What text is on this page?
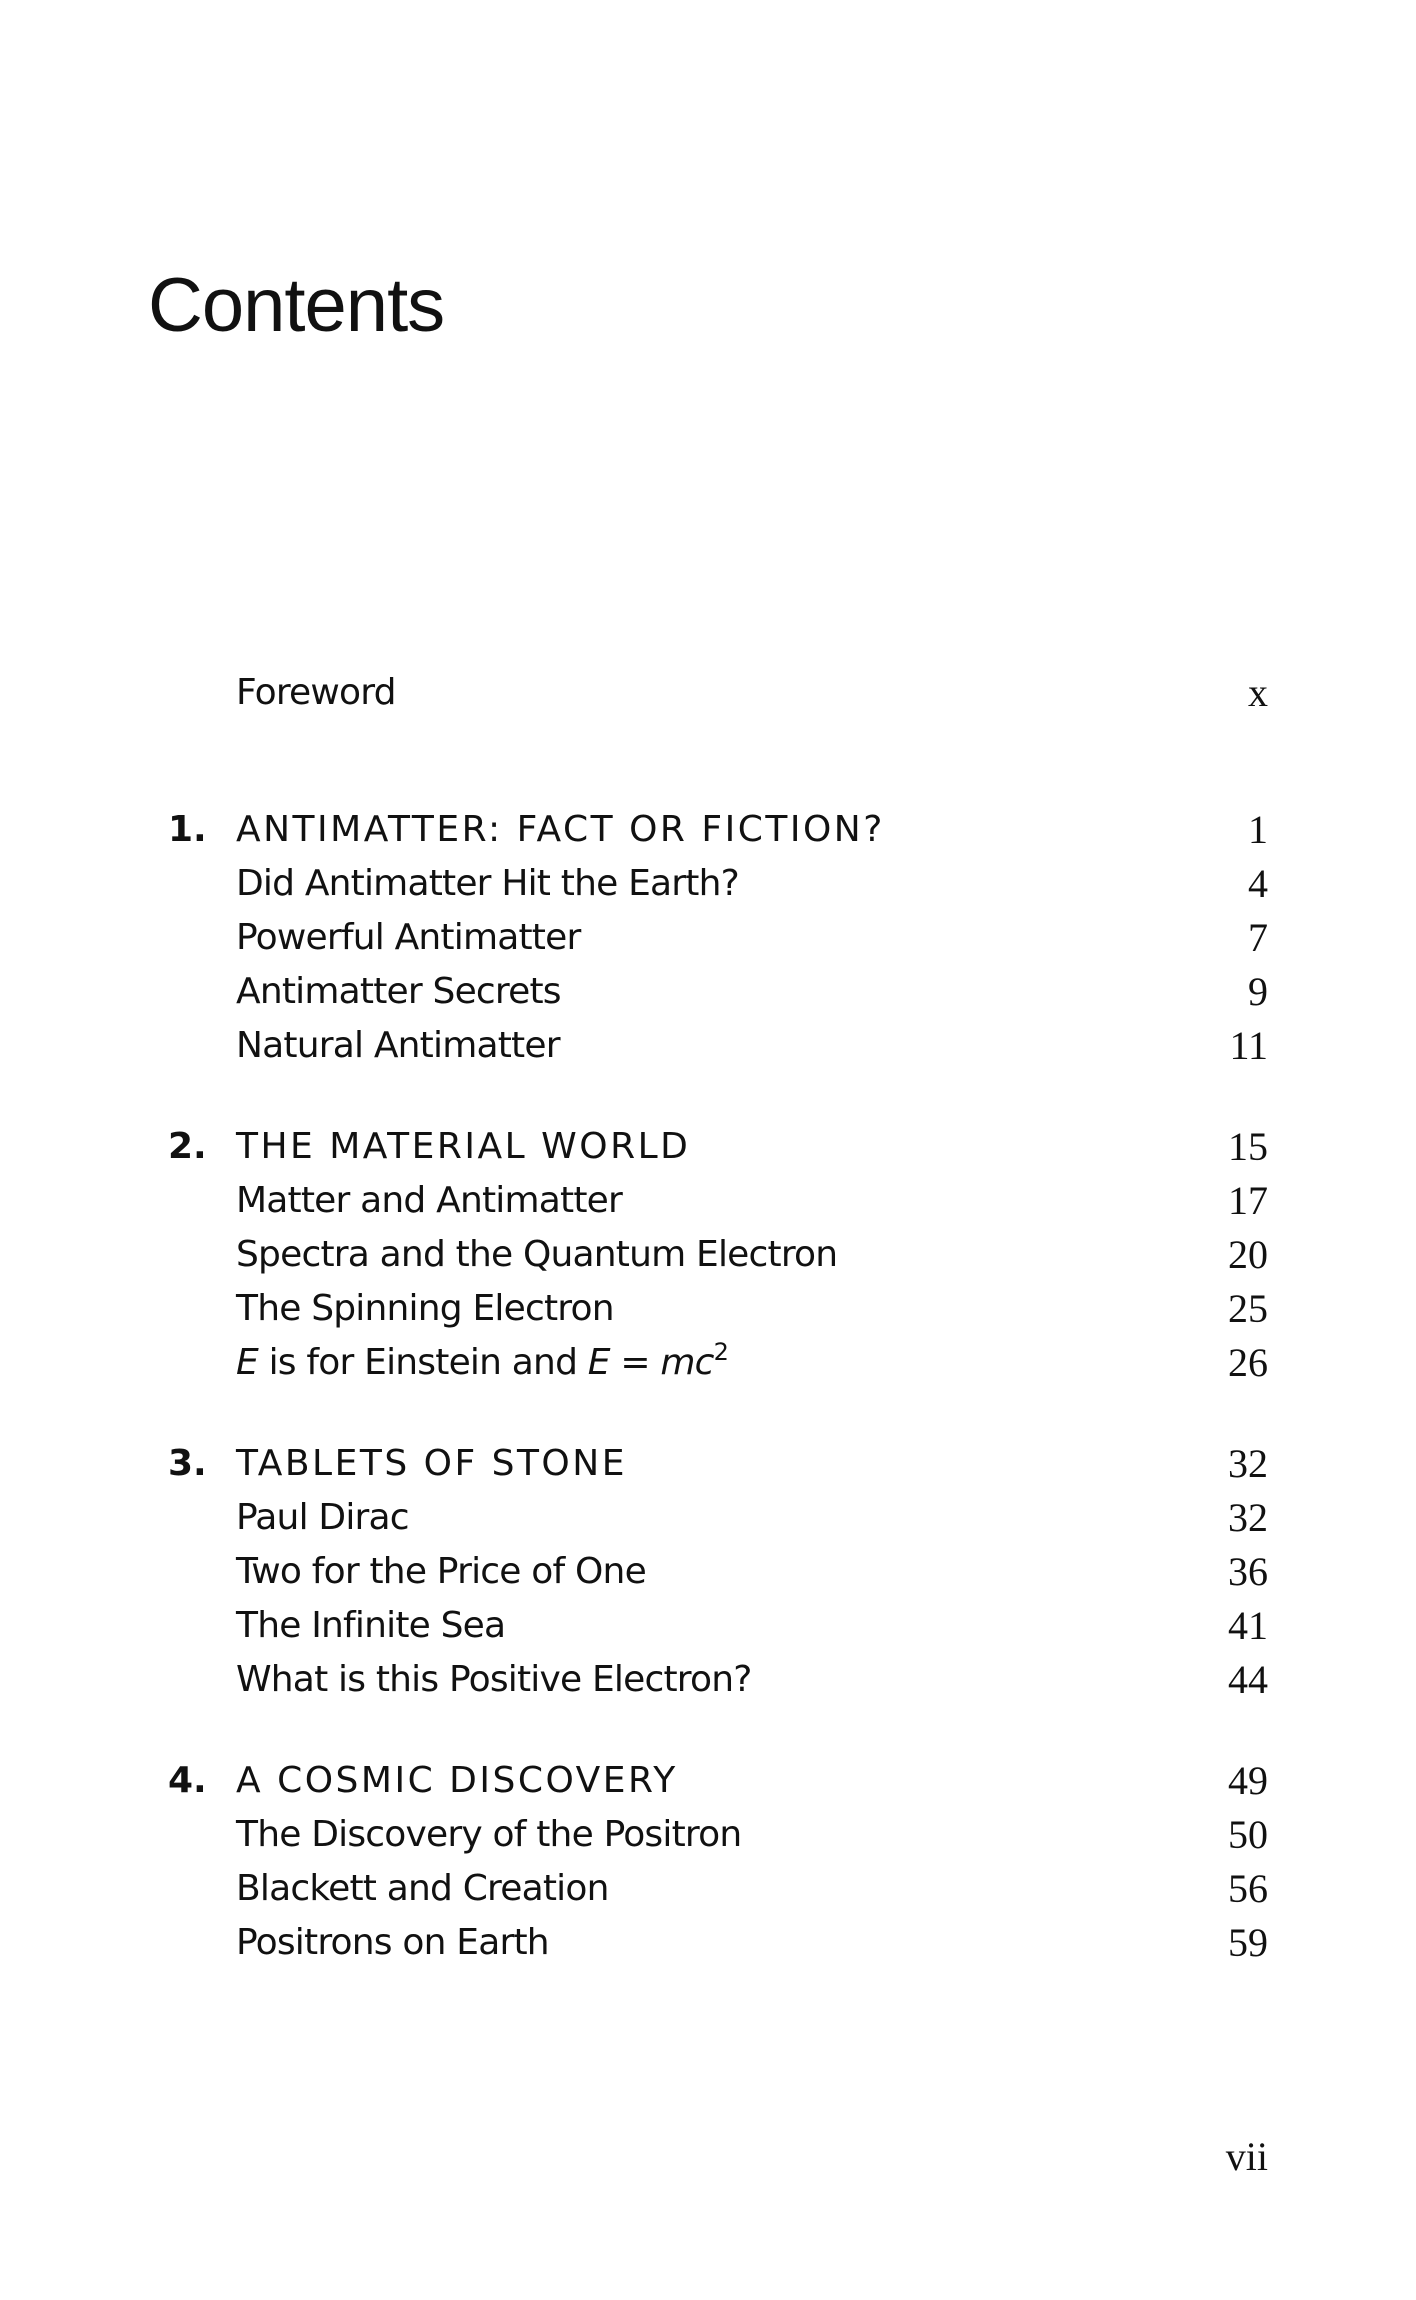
Contents
Foreword	x
1. ANTIMATTER: FACT OR FICTION?	1
Did Antimatter Hit the Earth?	4
Powerful Antimatter	7
Antimatter Secrets	9
Natural Antimatter	11
2. THE MATERIAL WORLD	15
Matter and Antimatter	17
Spectra and the Quantum Electron	20
The Spinning Electron	25
E is for Einstein and $E = mc^2$	26
3. TABLETS OF STONE	32
Paul Dirac	32
Two for the Price of One	36
The Infinite Sea	41
What is this Positive Electron?	44
4. A COSMIC DISCOVERY	49
The Discovery of the Positron	50
Blackett and Creation	56
Positrons on Earth	59
vii
